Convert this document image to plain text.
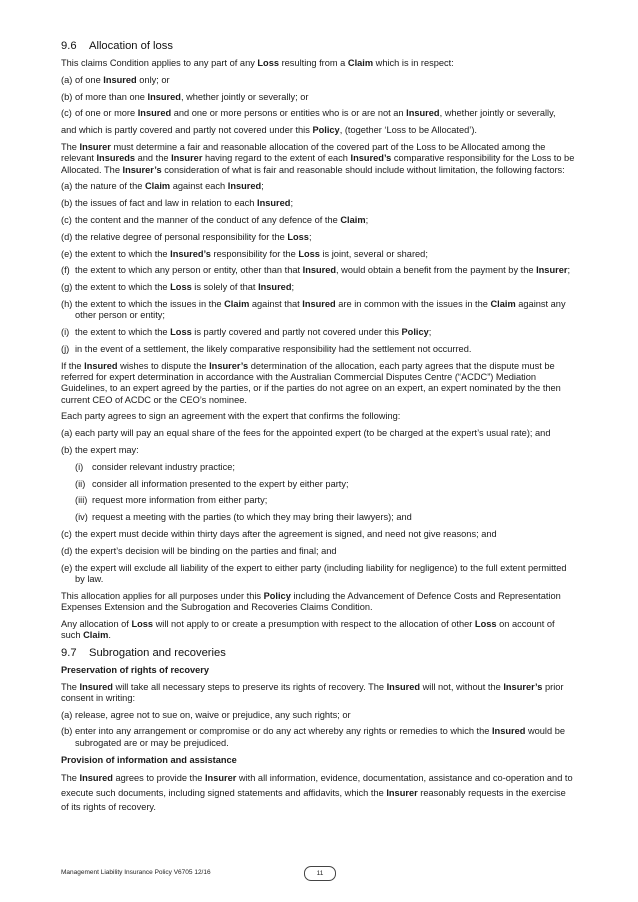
9.6 Allocation of loss
This claims Condition applies to any part of any Loss resulting from a Claim which is in respect:
(a) of one Insured only; or
(b) of more than one Insured, whether jointly or severally; or
(c) of one or more Insured and one or more persons or entities who is or are not an Insured, whether jointly or severally,
and which is partly covered and partly not covered under this Policy, (together ‘Loss to be Allocated’).
The Insurer must determine a fair and reasonable allocation of the covered part of the Loss to be Allocated among the relevant Insureds and the Insurer having regard to the extent of each Insured’s comparative responsibility for the Loss to be Allocated. The Insurer’s consideration of what is fair and reasonable should include without limitation, the following factors:
(a) the nature of the Claim against each Insured;
(b) the issues of fact and law in relation to each Insured;
(c) the content and the manner of the conduct of any defence of the Claim;
(d) the relative degree of personal responsibility for the Loss;
(e) the extent to which the Insured’s responsibility for the Loss is joint, several or shared;
(f) the extent to which any person or entity, other than that Insured, would obtain a benefit from the payment by the Insurer;
(g) the extent to which the Loss is solely of that Insured;
(h) the extent to which the issues in the Claim against that Insured are in common with the issues in the Claim against any other person or entity;
(i) the extent to which the Loss is partly covered and partly not covered under this Policy;
(j) in the event of a settlement, the likely comparative responsibility had the settlement not occurred.
If the Insured wishes to dispute the Insurer’s determination of the allocation, each party agrees that the dispute must be referred for expert determination in accordance with the Australian Commercial Disputes Centre (“ACDC”) Mediation Guidelines, to an expert agreed by the parties, or if the parties do not agree on an expert, an expert nominated by the then current CEO of ACDC or the CEO’s nominee.
Each party agrees to sign an agreement with the expert that confirms the following:
(a) each party will pay an equal share of the fees for the appointed expert (to be charged at the expert’s usual rate); and
(b) the expert may:
(i) consider relevant industry practice;
(ii) consider all information presented to the expert by either party;
(iii) request more information from either party;
(iv) request a meeting with the parties (to which they may bring their lawyers); and
(c) the expert must decide within thirty days after the agreement is signed, and need not give reasons; and
(d) the expert’s decision will be binding on the parties and final; and
(e) the expert will exclude all liability of the expert to either party (including liability for negligence) to the full extent permitted by law.
This allocation applies for all purposes under this Policy including the Advancement of Defence Costs and Representation Expenses Extension and the Subrogation and Recoveries Claims Condition.
Any allocation of Loss will not apply to or create a presumption with respect to the allocation of other Loss on account of such Claim.
9.7 Subrogation and recoveries
Preservation of rights of recovery
The Insured will take all necessary steps to preserve its rights of recovery. The Insured will not, without the Insurer’s prior consent in writing:
(a) release, agree not to sue on, waive or prejudice, any such rights; or
(b) enter into any arrangement or compromise or do any act whereby any rights or remedies to which the Insured would be subrogated are or may be prejudiced.
Provision of information and assistance
The Insured agrees to provide the Insurer with all information, evidence, documentation, assistance and co-operation and to execute such documents, including signed statements and affidavits, which the Insurer reasonably requests in the exercise of its rights of recovery.
Management Liability Insurance Policy V6705 12/16	11
